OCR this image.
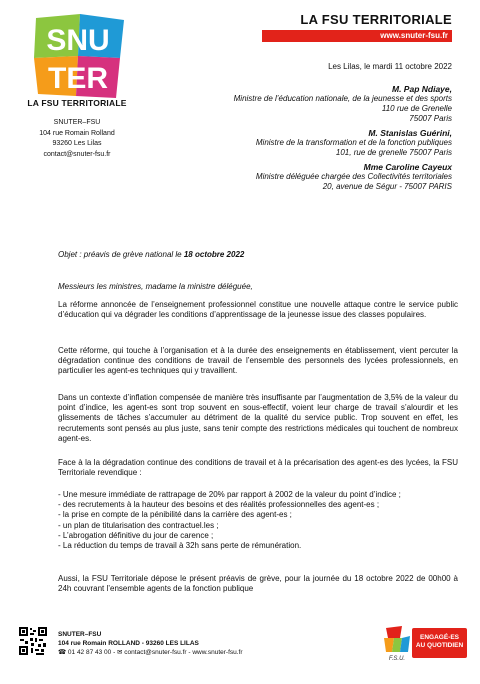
SNU
TER
LA FSU TERRITORIALE
SNUTER–FSU
104 rue Romain Rolland
93260 Les Lilas
contact@snuter-fsu.fr
LA FSU TERRITORIALE
www.snuter-fsu.fr
Les Lilas, le mardi 11 octobre 2022
M. Pap Ndiaye,
Ministre de l’éducation nationale, de la jeunesse et des sports
110 rue de Grenelle
75007 Paris
M. Stanislas Guérini,
Ministre de la transformation et de la fonction publiques
101, rue de grenelle 75007 Paris
Mme Caroline Cayeux
Ministre déléguée chargée des Collectivités territoriales
20, avenue de Ségur - 75007 PARIS
Objet : préavis de grève national le 18 octobre 2022
Messieurs les ministres, madame la ministre déléguée,
La réforme annoncée de l’enseignement professionnel constitue une nouvelle attaque contre le service public d’éducation qui va dégrader les conditions d’apprentissage de la jeunesse issue des classes populaires.
Cette réforme, qui touche à l’organisation et à la durée des enseignements en établissement, vient percuter la dégradation continue des conditions de travail de l’ensemble des personnels des lycées professionnels, en particulier les agent-es techniques qui y travaillent.
Dans un contexte d’inflation compensée de manière très insuffisante par l’augmentation de 3,5% de la valeur du point d’indice, les agent-es sont trop souvent en sous-effectif, voient leur charge de travail s’alourdir et les glissements de tâches s’accumuler au détriment de la qualité du service public. Trop souvent en effet, les recrutements sont pensés au plus juste, sans tenir compte des restrictions médicales qui touchent de nombreux agent-es.
Face à la la dégradation continue des conditions de travail et à la précarisation des agent-es des lycées, la FSU Territoriale revendique :
- Une mesure immédiate de rattrapage de 20% par rapport à 2002 de la valeur du point d’indice ;
- des recrutements à la hauteur des besoins et des réalités professionnelles des agent-es ;
- la prise en compte de la pénibilité dans la carrière des agent-es ;
- un plan de titularisation des contractuel.les ;
- L’abrogation définitive du jour de carence ;
- La réduction du temps de travail à 32h sans perte de rémunération.
Aussi, la FSU Territoriale dépose le présent préavis de grève, pour la journée du 18 octobre 2022 de 00h00 à 24h couvrant l’ensemble agents de la fonction publique
SNUTER–FSU
104 rue Romain ROLLAND - 93260 LES LILAS
☎ 01 42 87 43 00 - ✉ contact@snuter-fsu.fr - www.snuter-fsu.fr
F.S.U.
ENGAGÉ-ES
AU QUOTIDIEN
